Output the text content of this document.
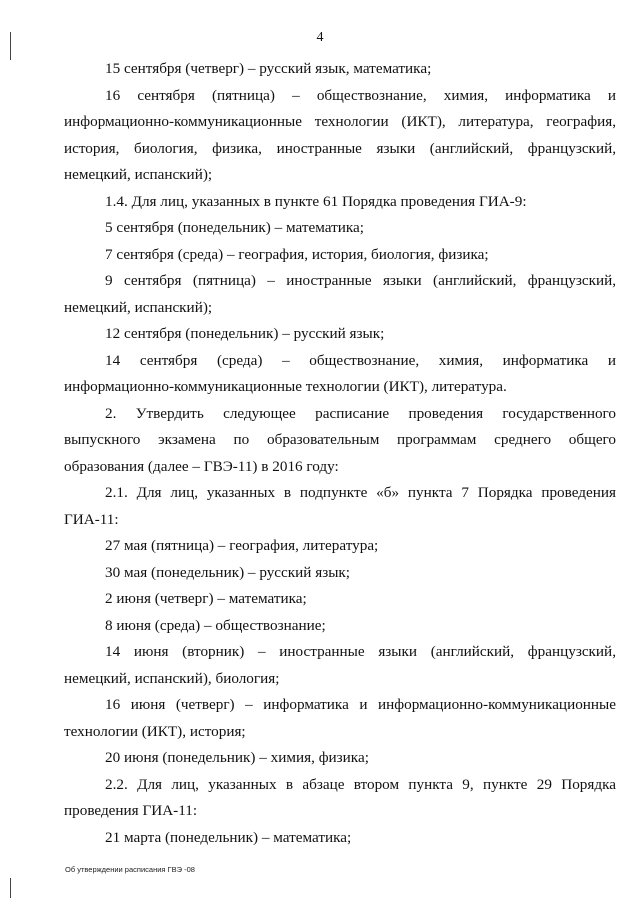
4

15 сентября (четверг) – русский язык, математика;

16 сентября (пятница) – обществознание, химия, информатика и информационно-коммуникационные технологии (ИКТ), литература, география, история, биология, физика, иностранные языки (английский, французский, немецкий, испанский);

1.4. Для лиц, указанных в пункте 61 Порядка проведения ГИА-9:

5 сентября (понедельник) – математика;

7 сентября (среда) – география, история, биология, физика;

9 сентября (пятница) – иностранные языки (английский, французский, немецкий, испанский);

12 сентября (понедельник) – русский язык;

14 сентября (среда) – обществознание, химия, информатика и информационно-коммуникационные технологии (ИКТ), литература.

2. Утвердить следующее расписание проведения государственного выпускного экзамена по образовательным программам среднего общего образования (далее – ГВЭ-11) в 2016 году:

2.1. Для лиц, указанных в подпункте «б» пункта 7 Порядка проведения ГИА-11:

27 мая (пятница) – география, литература;

30 мая (понедельник) – русский язык;

2 июня (четверг) – математика;

8 июня (среда) – обществознание;

14 июня (вторник) – иностранные языки (английский, французский, немецкий, испанский), биология;

16 июня (четверг) – информатика и информационно-коммуникационные технологии (ИКТ), история;

20 июня (понедельник) – химия, физика;

2.2. Для лиц, указанных в абзаце втором пункта 9, пункте 29 Порядка проведения ГИА-11:

21 марта (понедельник) – математика;

Об утверждении расписания ГВЭ -08
